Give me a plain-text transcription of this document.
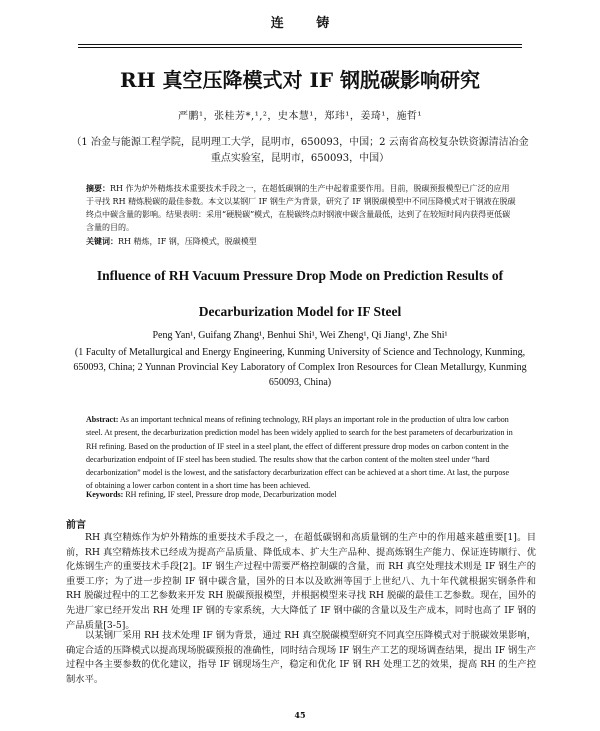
连 铸
RH 真空压降模式对 IF 钢脱碳影响研究
严鹏¹，张桂芳*,¹,²，史本慧¹，郑玮¹，姜琦¹，施哲¹
（1 冶金与能源工程学院，昆明理工大学，昆明市，650093，中国；2 云南省高校复杂铁资源清洁冶金重点实验室，昆明市，650093，中国）
摘要：RH 作为炉外精炼技术重要技术手段之一，在超低碳钢的生产中起着重要作用。目前，脱碳预报模型已广泛的应用于寻找 RH 精炼脱碳的最佳参数。本文以某钢厂 IF 钢生产为背景，研究了 IF 钢脱碳模型中不同压降模式对于钢液在脱碳终点中碳含量的影响。结果表明：采用“硬脱碳”模式，在脱碳终点时钢液中碳含量最低，达到了在较短时间内获得更低碳含量的目的。
关键词：RH 精炼，IF 钢，压降模式，脱碳模型
Influence of RH Vacuum Pressure Drop Mode on Prediction Results of
Decarburization Model for IF Steel
Peng Yan¹, Guifang Zhang¹, Benhui Shi¹, Wei Zheng¹, Qi Jiang¹, Zhe Shi¹
(1 Faculty of Metallurgical and Energy Engineering, Kunming University of Science and Technology, Kunming, 650093, China; 2 Yunnan Provincial Key Laboratory of Complex Iron Resources for Clean Metallurgy, Kunming 650093, China)
Abstract: As an important technical means of refining technology, RH plays an important role in the production of ultra low carbon steel. At present, the decarburization prediction model has been widely applied to search for the best parameters of decarburization in RH refining. Based on the production of IF steel in a steel plant, the effect of different pressure drop modes on carbon content in the decarburization endpoint of IF steel has been studied. The results show that the carbon content of the molten steel under “hard decarbonization” model is the lowest, and the satisfactory decarburization effect can be achieved at a short time. At last, the purpose of obtaining a lower carbon content in a short time has been achieved.
Keywords: RH refining, IF steel, Pressure drop mode, Decarburization model
前言
RH 真空精炼作为炉外精炼的重要技术手段之一，在超低碳钢和高质量钢的生产中的作用越来越重要[1]。目前，RH 真空精炼技术已经成为提高产品质量、降低成本、扩大生产品种、提高炼钢生产能力、保证连铸顺行、优化炼钢生产的重要技术手段[2]。IF 钢生产过程中需要严格控制碳的含量，而 RH 真空处理技术则是 IF 钢生产的重要工序；为了进一步控制 IF 钢中碳含量，国外的日本以及欧洲等国于上世纪八、九十年代就根据实钢条件和 RH 脱碳过程中的工艺参数来开发 RH 脱碳预报模型，并根据模型来寻找 RH 脱碳的最佳工艺参数。现在，国外的先进厂家已经开发出 RH 处理 IF 钢的专家系统，大大降低了 IF 钢中碳的含量以及生产成本，同时也高了 IF 钢的产品质量[3-5]。
以某钢厂采用 RH 技术处理 IF 钢为背景，通过 RH 真空脱碳模型研究不同真空压降模式对于脱碳效果影响，确定合适的压降模式以提高现场脱碳预报的准确性，同时结合现场 IF 钢生产工艺的现场调查结果，提出 IF 钢生产过程中各主要参数的优化建议，指导 IF 钢现场生产，稳定和优化 IF 钢 RH 处理工艺的效果，提高 RH 的生产控制水平。
45
